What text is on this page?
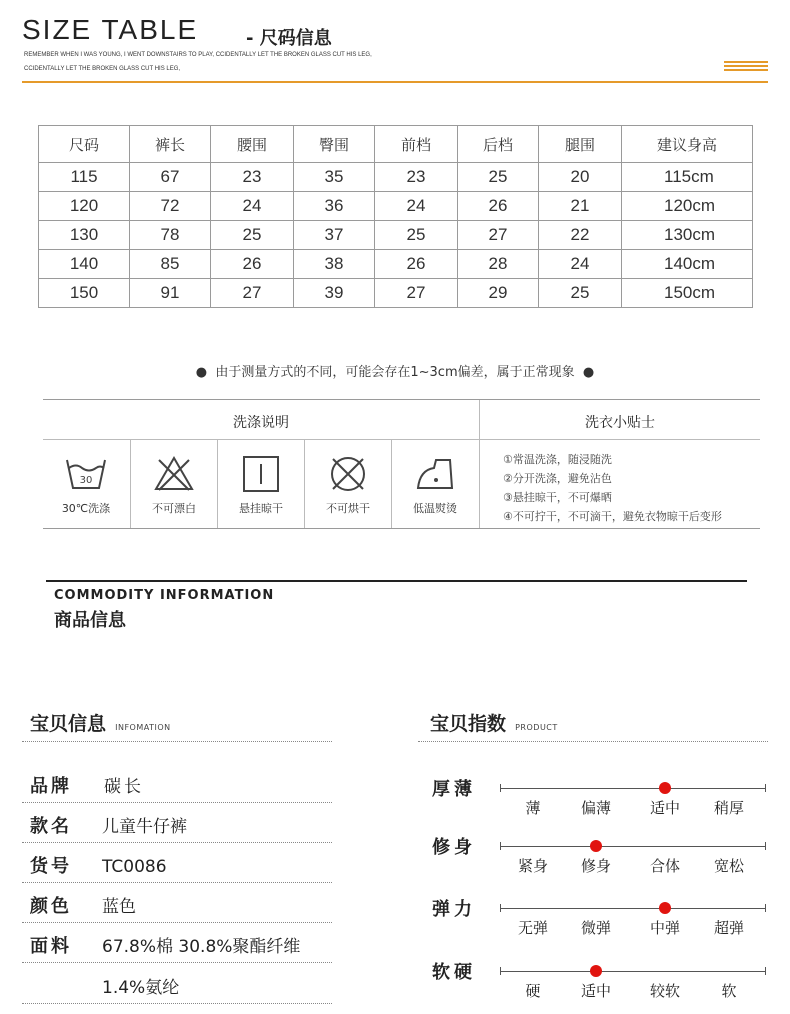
SIZE TABLE	- 尺码信息
REMEMBER WHEN I WAS YOUNG, I WENT DOWNSTAIRS TO PLAY, CCIDENTALLY LET THE BROKEN GLASS CUT HIS LEG,
CCIDENTALLY LET THE BROKEN GLASS CUT HIS LEG,
尺码	裤长	腰围	臀围	前档	后档	腿围	建议身高
115	67	23	35	23	25	20	115cm
120	72	24	36	24	26	21	120cm
130	78	25	37	25	27	22	130cm
140	85	26	38	26	28	24	140cm
150	91	27	39	27	29	25	150cm
● 由于测量方式的不同，可能会存在1~3cm偏差，属于正常现象 ●
洗涤说明	洗衣小贴士
30
30℃洗涤	不可漂白	悬挂晾干	不可烘干	低温熨烫
①常温洗涤，随浸随洗
②分开洗涤，避免沾色
③悬挂晾干，不可爆晒
④不可拧干，不可滴干，避免衣物晾干后变形
COMMODITY INFORMATION
商品信息
宝贝信息 INFOMATION
品牌 碳长
款名 儿童牛仔裤
货号 TC0086
颜色 蓝色
面料 67.8%棉 30.8%聚酯纤维
1.4%氨纶
宝贝指数 PRODUCT
厚薄
薄	偏薄	适中	稍厚
修身
紧身	修身	合体	宽松
弹力
无弹	微弹	中弹	超弹
软硬
硬	适中	较软	软
